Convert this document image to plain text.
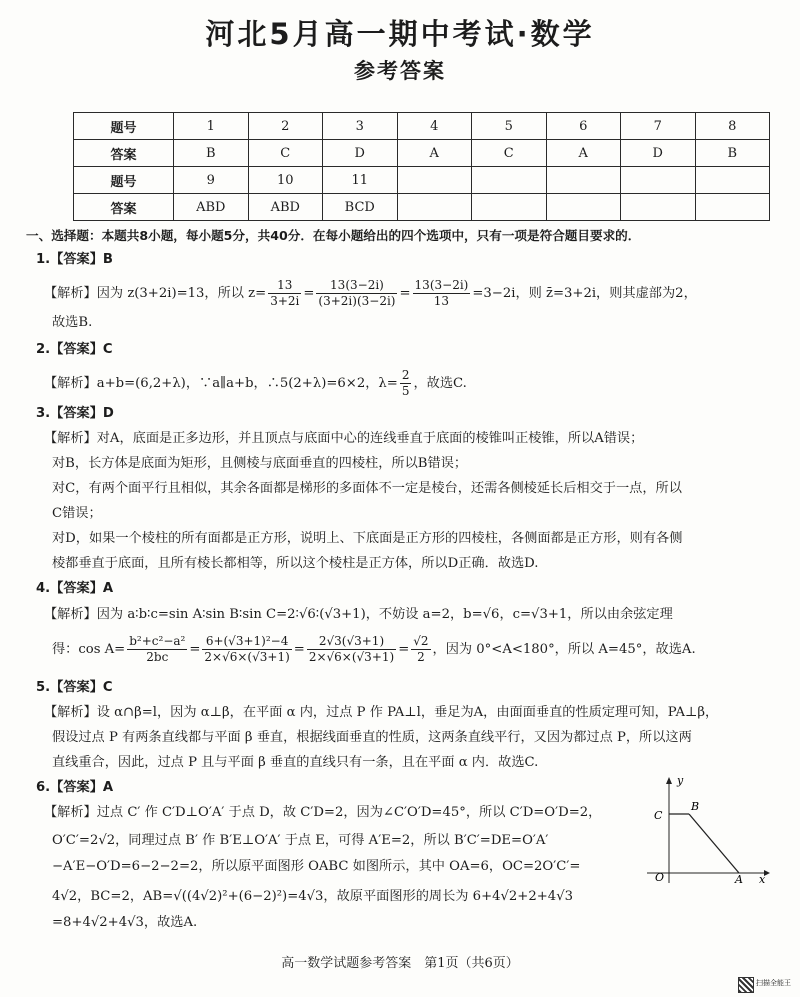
河北5月高一期中考试·数学
参考答案
题号	1	2	3	4	5	6	7	8
答案	B	C	D	A	C	A	D	B
题号	9	10	11					
答案	ABD	ABD	BCD					
一、选择题：本题共8小题，每小题5分，共40分．在每小题给出的四个选项中，只有一项是符合题目要求的．
1.【答案】B
【解析】因为 z(3+2i)=13，所以 $z= \frac{13}{3+2i} = \frac{13(3-2i)}{(3+2i)(3-2i)} = \frac{13(3-2i)}{13} =3-2i$，则 z̄=3+2i，则其虚部为2，
故选B.
2.【答案】C
【解析】a+b=(6,2+λ)，∵a∥a+b，∴5(2+λ)=6×2，$\lambda= \frac{2}{5}$ ，故选C.
3.【答案】D
【解析】对A，底面是正多边形，并且顶点与底面中心的连线垂直于底面的棱锥叫正棱锥，所以A错误；
对B，长方体是底面为矩形，且侧棱与底面垂直的四棱柱，所以B错误；
对C，有两个面平行且相似，其余各面都是梯形的多面体不一定是棱台，还需各侧棱延长后相交于一点，所以
C错误；
对D，如果一个棱柱的所有面都是正方形，说明上、下底面是正方形的四棱柱，各侧面都是正方形，则有各侧
棱都垂直于底面，且所有棱长都相等，所以这个棱柱是正方体，所以D正确．故选D.
4.【答案】A
【解析】因为 a∶b∶c=sin A∶sin B∶sin C=2∶√6∶(√3+1)，不妨设 a=2，b=√6，c=√3+1，所以由余弦定理
得：$\cos A= \frac{\text{b²+c²−a²}}{2bc} = \frac{\text{6+(√3+1)²−4}}{2\times√6\times(√3+1)} = \frac{2√3(√3+1)}{2\times√6\times(√3+1)} = \frac{√2}{2}$ ，因为 0°<A<180°，所以 A=45°，故选A.
5.【答案】C
【解析】设 α∩β=l，因为 α⊥β，在平面 α 内，过点 P 作 PA⊥l，垂足为A，由面面垂直的性质定理可知，PA⊥β，
假设过点 P 有两条直线都与平面 β 垂直，根据线面垂直的性质，这两条直线平行，又因为都过点 P，所以这两
直线重合，因此，过点 P 且与平面 β 垂直的直线只有一条，且在平面 α 内．故选C.
6.【答案】A
【解析】过点 C′ 作 C′D⊥O′A′ 于点 D，故 C′D=2，因为∠C′O′D=45°，所以 C′D=O′D=2，
O′C′=2√2，同理过点 B′ 作 B′E⊥O′A′ 于点 E，可得 A′E=2，所以 B′C′=DE=O′A′
−A′E−O′D=6−2−2=2，所以原平面图形 OABC 如图所示，其中 OA=6，OC=2O′C′=
4√2，BC=2，AB=√((4√2)²+(6−2)²)=4√3，故原平面图形的周长为 6+4√2+2+4√3
=8+4√2+4√3，故选A.
y
x
O
C
B
A
高一数学试题参考答案　第1页（共6页）
扫描全能王
